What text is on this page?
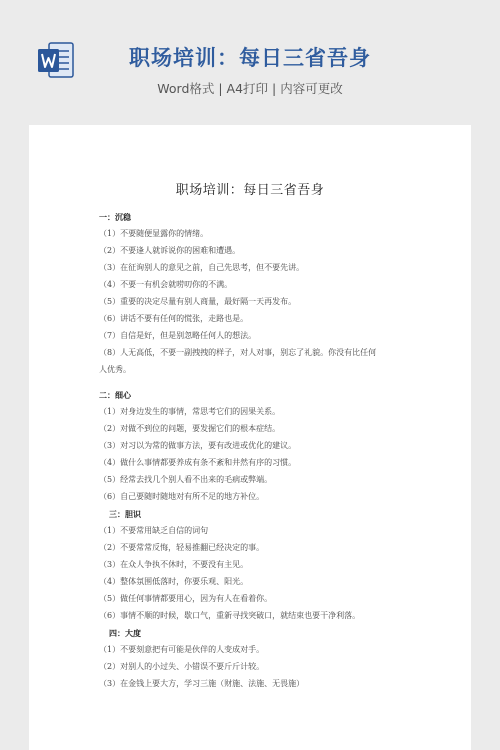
职场培训：每日三省吾身
Word格式 | A4打印 | 内容可更改
职场培训：每日三省吾身
一：沉稳
（1）不要随便显露你的情绪。
（2）不要逢人就诉说你的困难和遭遇。
（3）在征询别人的意见之前，自己先思考，但不要先讲。
（4）不要一有机会就唠叨你的不满。
（5）重要的决定尽量有别人商量，最好隔一天再发布。
（6）讲话不要有任何的慌张，走路也是。
（7）自信是好，但是别忽略任何人的想法。
（8）人无高低，不要一副拽拽的样子，对人对事，别忘了礼貌。你没有比任何
人优秀。
二：细心
（1）对身边发生的事情，常思考它们的因果关系。
（2）对做不到位的问题，要发掘它们的根本症结。
（3）对习以为常的做事方法，要有改进或优化的建议。
（4）做什么事情都要养成有条不紊和井然有序的习惯。
（5）经常去找几个别人看不出来的毛病或弊端。
（6）自己要随时随地对有所不足的地方补位。
三：胆识
（1）不要常用缺乏自信的词句
（2）不要常常反悔，轻易推翻已经决定的事。
（3）在众人争执不休时，不要没有主见。
（4）整体氛围低落时，你要乐观、阳光。
（5）做任何事情都要用心，因为有人在看着你。
（6）事情不顺的时候，歇口气，重新寻找突破口，就结束也要干净利落。
四：大度
（1）不要刻意把有可能是伙伴的人变成对手。
（2）对别人的小过失、小错误不要斤斤计较。
（3）在金钱上要大方，学习三施（财施、法施、无畏施）
